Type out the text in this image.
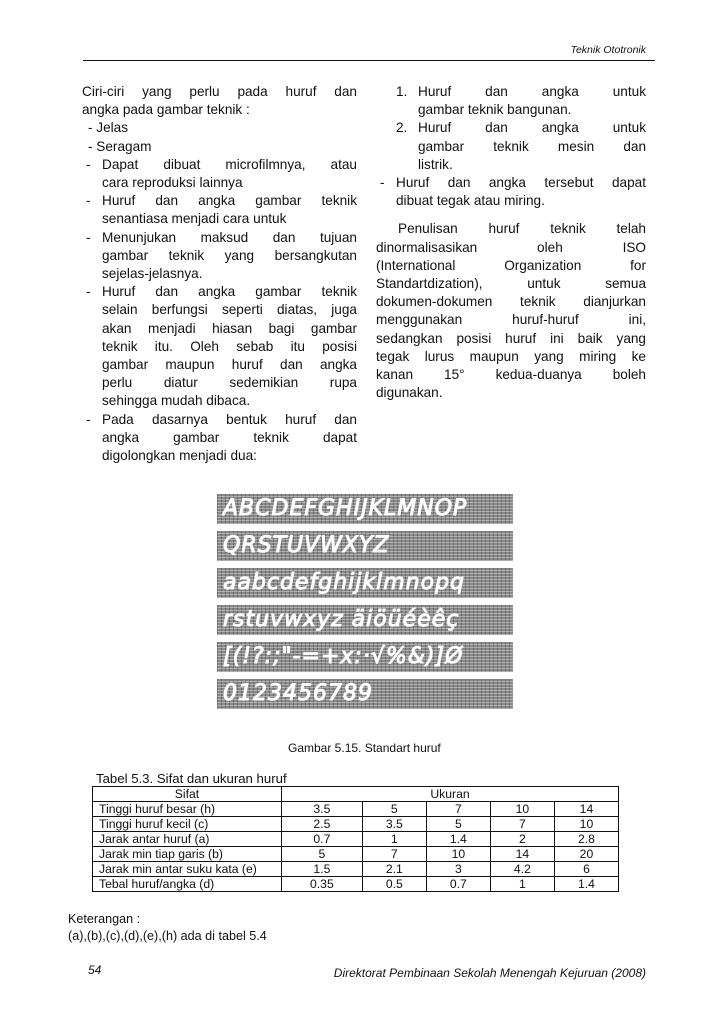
Teknik Ototronik
Ciri-ciri yang perlu pada huruf dan
angka pada gambar teknik :
- Jelas
- Seragam
- Dapat dibuat microfilmnya, atau
cara reproduksi lainnya
- Huruf dan angka gambar teknik
senantiasa menjadi cara untuk
- Menunjukan maksud dan tujuan
gambar teknik yang bersangkutan
sejelas-jelasnya.
- Huruf dan angka gambar teknik
selain berfungsi seperti diatas, juga
akan menjadi hiasan bagi gambar
teknik itu. Oleh sebab itu posisi
gambar maupun huruf dan angka
perlu diatur sedemikian rupa
sehingga mudah dibaca.
- Pada dasarnya bentuk huruf dan
angka gambar teknik dapat
digolongkan menjadi dua:
1. Huruf dan angka untuk
gambar teknik bangunan.
2. Huruf dan angka untuk
gambar teknik mesin dan
listrik.
- Huruf dan angka tersebut dapat
dibuat tegak atau miring.
Penulisan huruf teknik telah
dinormalisasikan oleh ISO
(International Organization for
Standartdization), untuk semua
dokumen-dokumen teknik dianjurkan
menggunakan huruf-huruf ini,
sedangkan posisi huruf ini baik yang
tegak lurus maupun yang miring ke
kanan 15° kedua-duanya boleh
digunakan.
ABCDEFGHIJKLMNOP
QRSTUVWXYZ
aabcdefghijklmnopq
rstuvwxyz äiöüéèêç
[(!?:;"-=+x:·√%&)]Ø
0123456789
Gambar 5.15. Standart huruf
Tabel 5.3. Sifat dan ukuran huruf
Sifat	Ukuran				
Tinggi huruf besar (h)	3.5	5	7	10	14
Tinggi huruf kecil (c)	2.5	3.5	5	7	10
Jarak antar huruf (a)	0.7	1	1.4	2	2.8
Jarak min tiap garis (b)	5	7	10	14	20
Jarak min antar suku kata (e)	1.5	2.1	3	4.2	6
Tebal huruf/angka (d)	0.35	0.5	0.7	1	1.4
Keterangan :
(a),(b),(c),(d),(e),(h) ada di tabel 5.4
54	Direktorat Pembinaan Sekolah Menengah Kejuruan (2008)
